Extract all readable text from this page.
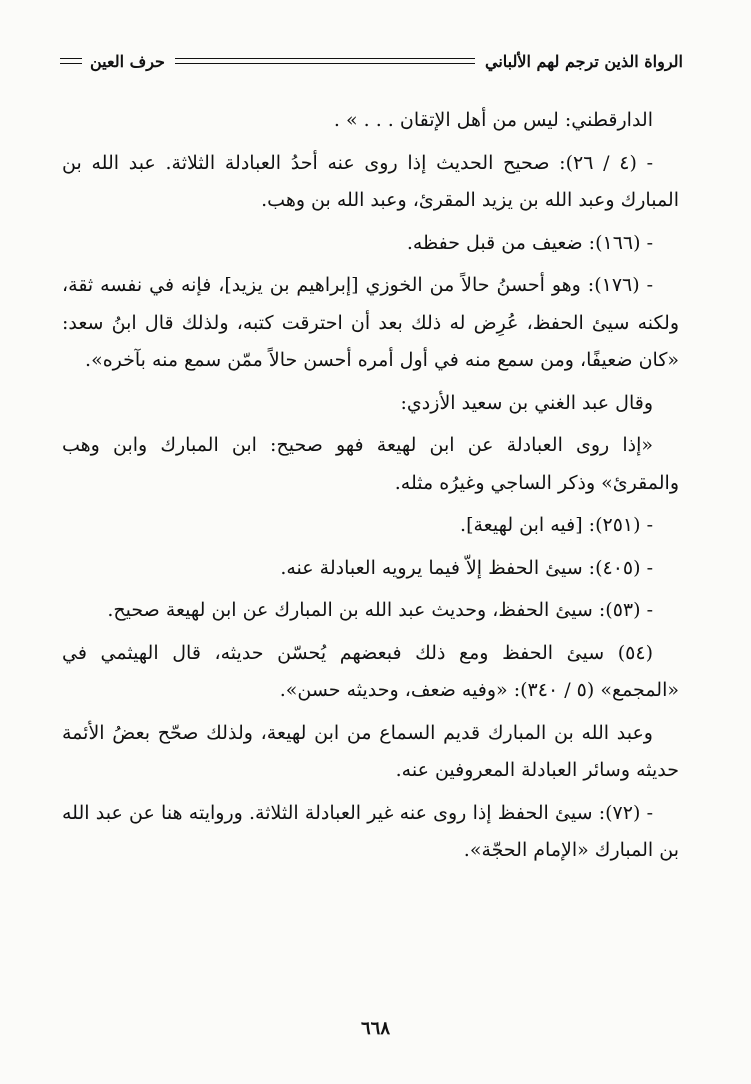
الرواة الذين ترجم لهم الألباني
حرف العين

الدارقطني: ليس من أهل الإتقان . . . » .

- (٤ / ٢٦): صحيح الحديث إذا روى عنه أحدُ العبادلة الثلاثة. عبد الله بن المبارك وعبد الله بن يزيد المقرئ، وعبد الله بن وهب.

- (١٦٦): ضعيف من قبل حفظه.

- (١٧٦): وهو أحسنُ حالاً من الخوزي [إبراهيم بن يزيد]، فإنه في نفسه ثقة، ولكنه سيئ الحفظ، عُرِض له ذلك بعد أن احترقت كتبه، ولذلك قال ابنُ سعد: «كان ضعيفًا، ومن سمع منه في أول أمره أحسن حالاً ممّن سمع منه بآخره».

وقال عبد الغني بن سعيد الأزدي:

«إذا روى العبادلة عن ابن لهيعة فهو صحيح: ابن المبارك وابن وهب والمقرئ» وذكر الساجي وغيرُه مثله.

- (٢٥١): [فيه ابن لهيعة].

- (٤٠٥): سيئ الحفظ إلاّ فيما يرويه العبادلة عنه.

- (٥٣): سيئ الحفظ، وحديث عبد الله بن المبارك عن ابن لهيعة صحيح.

(٥٤) سيئ الحفظ ومع ذلك فبعضهم يُحسّن حديثه، قال الهيثمي في «المجمع» (٥ / ٣٤٠): «وفيه ضعف، وحديثه حسن».

وعبد الله بن المبارك قديم السماع من ابن لهيعة، ولذلك صحّح بعضُ الأئمة حديثه وسائر العبادلة المعروفين عنه.

- (٧٢): سيئ الحفظ إذا روى عنه غير العبادلة الثلاثة. وروايته هنا عن عبد الله بن المبارك «الإمام الحجّة».

٦٦٨
